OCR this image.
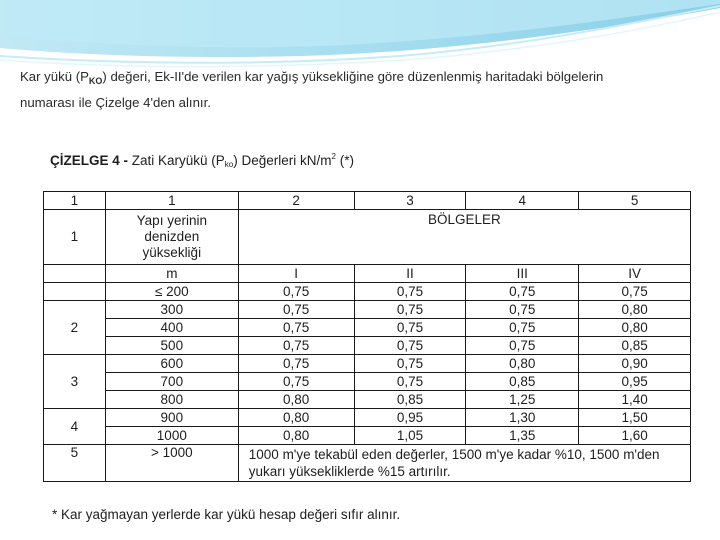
Kar yükü $(P_{KO})$ değeri, Ek-II'de verilen kar yağış yüksekliğine göre düzenlenmiş haritadaki bölgelerin
numarası ile Çizelge 4'den alınır.
ÇİZELGE 4 - Zati Karyükü $(P_{ko})$ Değerleri $kN/m^2$ (*)
1	1	2	3	4	5
1	Yapı yerinin denizden yüksekliği	BÖLGELER			
	m	I	II	III	IV
	≤ 200	0,75	0,75	0,75	0,75
2	300	0,75	0,75	0,75	0,80
	400	0,75	0,75	0,75	0,80
	500	0,75	0,75	0,75	0,85
3	600	0,75	0,75	0,80	0,90
	700	0,75	0,75	0,85	0,95
	800	0,80	0,85	1,25	1,40
4	900	0,80	0,95	1,30	1,50
	1000	0,80	1,05	1,35	1,60
5	> 1000	1000 m'ye tekabül eden değerler, 1500 m'ye kadar %10, 1500 m'den yukarı yüksekliklerde %15 artırılır.			
* Kar yağmayan yerlerde kar yükü hesap değeri sıfır alınır.
